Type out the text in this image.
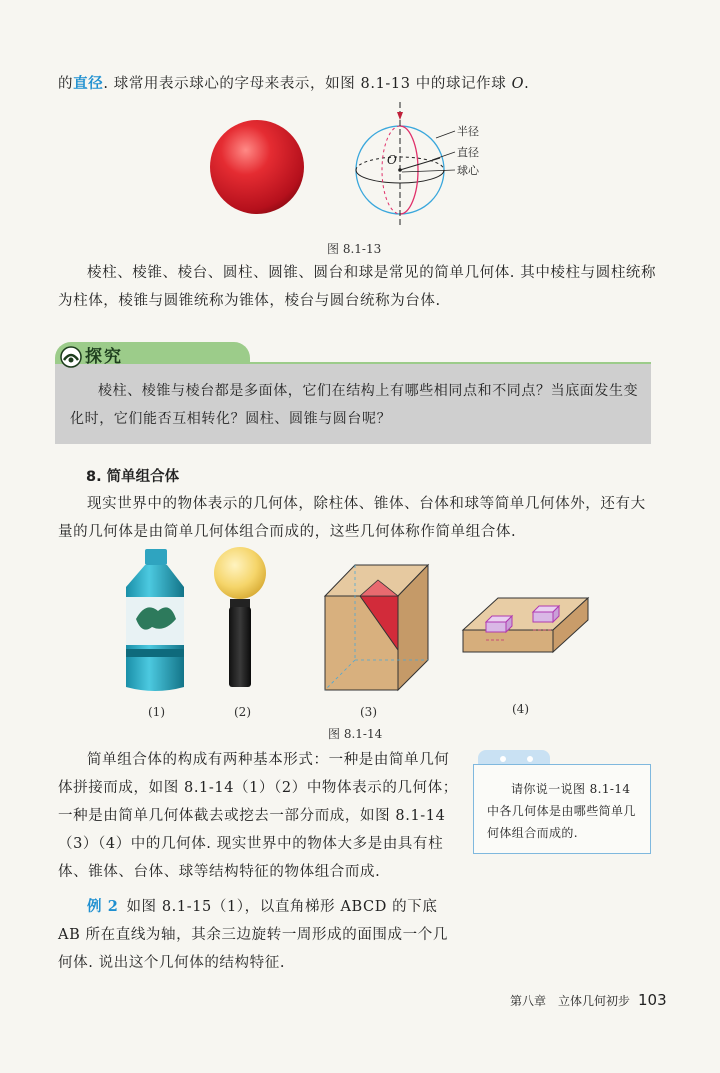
的直径. 球常用表示球心的字母来表示，如图 8.1-13 中的球记作球 O.
O
半径
直径
球心
图 8.1-13
棱柱、棱锥、棱台、圆柱、圆锥、圆台和球是常见的简单几何体. 其中棱柱与圆柱统称为柱体，棱锥与圆锥统称为锥体，棱台与圆台统称为台体.
探究
棱柱、棱锥与棱台都是多面体，它们在结构上有哪些相同点和不同点？当底面发生变化时，它们能否互相转化？圆柱、圆锥与圆台呢？
8. 简单组合体
现实世界中的物体表示的几何体，除柱体、锥体、台体和球等简单几何体外，还有大量的几何体是由简单几何体组合而成的，这些几何体称作简单组合体.
(1)	(2)	(3)	(4)
图 8.1-14
简单组合体的构成有两种基本形式：一种是由简单几何体拼接而成，如图 8.1-14（1）（2）中物体表示的几何体；一种是由简单几何体截去或挖去一部分而成，如图 8.1-14（3）（4）中的几何体. 现实世界中的物体大多是由具有柱体、锥体、台体、球等结构特征的物体组合而成.
请你说一说图 8.1-14 中各几何体是由哪些简单几何体组合而成的.
例 2 如图 8.1-15（1），以直角梯形 ABCD 的下底 AB 所在直线为轴，其余三边旋转一周形成的面围成一个几何体. 说出这个几何体的结构特征.
第八章　立体几何初步 103
